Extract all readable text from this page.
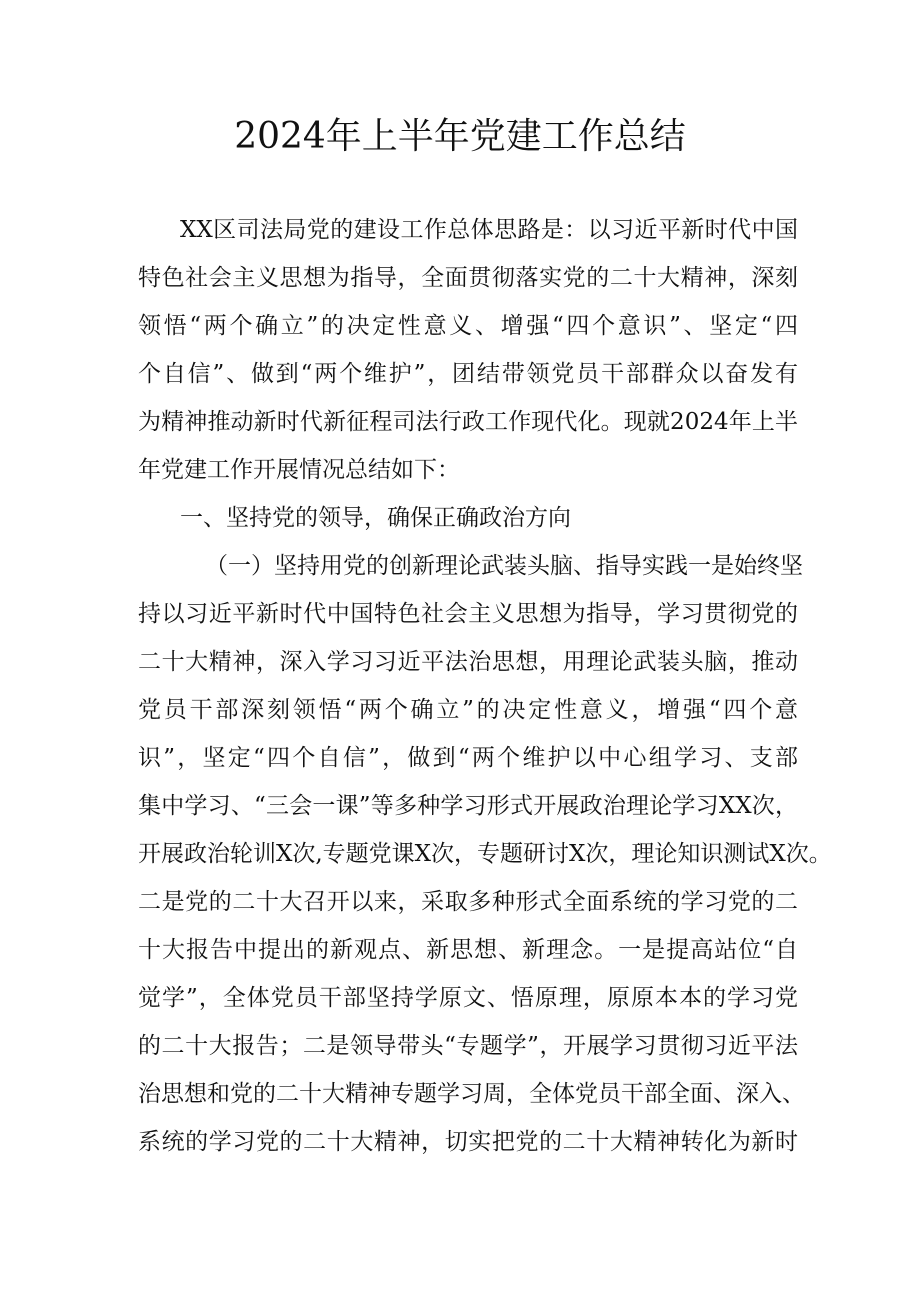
2024年上半年党建工作总结

XX区司法局党的建设工作总体思路是：以习近平新时代中国

特色社会主义思想为指导，全面贯彻落实党的二十大精神，深刻

领悟“两个确立”的决定性意义、增强“四个意识”、坚定“四

个自信”、做到“两个维护”，团结带领党员干部群众以奋发有

为精神推动新时代新征程司法行政工作现代化。现就2024年上半

年党建工作开展情况总结如下：

一、坚持党的领导，确保正确政治方向

（一）坚持用党的创新理论武装头脑、指导实践一是始终坚

持以习近平新时代中国特色社会主义思想为指导，学习贯彻党的

二十大精神，深入学习习近平法治思想，用理论武装头脑，推动

党员干部深刻领悟“两个确立”的决定性意义，增强“四个意

识”，坚定“四个自信”，做到“两个维护以中心组学习、支部

集中学习、“三会一课”等多种学习形式开展政治理论学习XX次，

开展政治轮训X次,专题党课X次，专题研讨X次，理论知识测试X次。

二是党的二十大召开以来，采取多种形式全面系统的学习党的二

十大报告中提出的新观点、新思想、新理念。一是提高站位“自

觉学”，全体党员干部坚持学原文、悟原理，原原本本的学习党

的二十大报告；二是领导带头“专题学”，开展学习贯彻习近平法

治思想和党的二十大精神专题学习周，全体党员干部全面、深入、

系统的学习党的二十大精神，切实把党的二十大精神转化为新时
